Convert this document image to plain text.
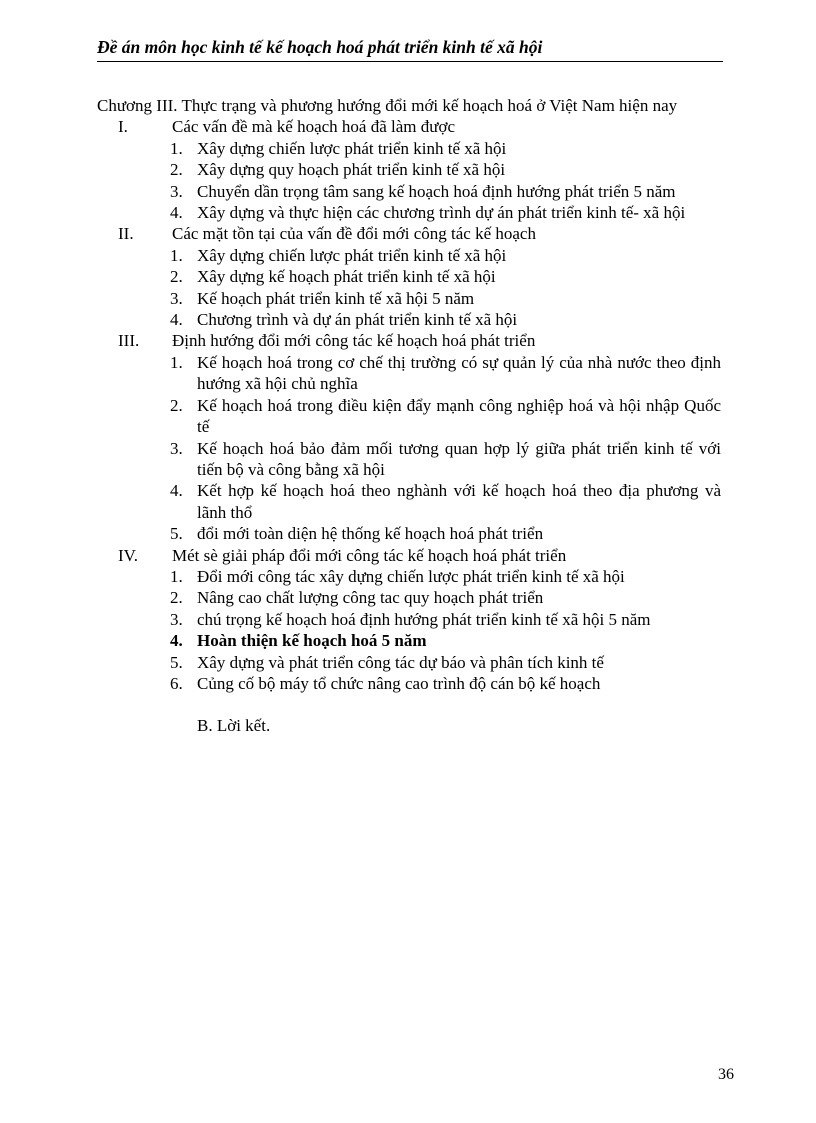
Đề án môn học kinh tế kế hoạch hoá phát triển kinh tế xã hội
Chương III. Thực trạng và phương hướng đổi mới kế hoạch hoá ở Việt Nam hiện nay
I.	Các vấn đề mà kế hoạch hoá đã làm được
1. Xây dựng chiến lược phát triển kinh tế xã hội
2. Xây dựng quy hoạch phát triển kinh tế xã hội
3. Chuyển dần trọng tâm sang kế hoạch hoá định hướng phát triển 5 năm
4. Xây dựng và thực hiện các chương trình dự án phát triển kinh tế- xã hội
II.	Các mặt tồn tại của vấn đề đổi mới công tác kế hoạch
1. Xây dựng chiến lược phát triển kinh tế xã hội
2. Xây dựng kế hoạch phát triển kinh tế xã hội
3. Kế hoạch phát triển kinh tế xã hội 5 năm
4. Chương trình và dự án phát triển kinh tế xã hội
III.	Định hướng đổi mới công tác kế hoạch hoá phát triển
1. Kế hoạch hoá trong cơ chế thị trường có sự quản lý của nhà nước theo định hướng xã hội chủ nghĩa
2. Kế hoạch hoá trong điều kiện đẩy mạnh công nghiệp hoá và hội nhập Quốc tế
3. Kế hoạch hoá bảo đảm mối tương quan hợp lý giữa phát triển kinh tế với tiến bộ và công bằng xã hội
4. Kết hợp kế hoạch hoá theo nghành với kế hoạch hoá theo địa phương và lãnh thổ
5. đổi mới toàn diện hệ thống kế hoạch hoá phát triển
IV.	Mét sè giải pháp đổi mới công tác kế hoạch hoá phát triển
1. Đổi mới công tác xây dựng chiến lược phát triển kinh tế xã hội
2. Nâng cao chất lượng công tac quy hoạch phát triển
3. chú trọng kế hoạch hoá định hướng phát triển kinh tế xã hội 5 năm
4. Hoàn thiện kế hoạch hoá 5 năm
5. Xây dựng và phát triển công tác dự báo và phân tích kinh tế
6. Củng cố bộ máy tổ chức nâng cao trình độ cán bộ kế hoạch
B. Lời kết.
36
